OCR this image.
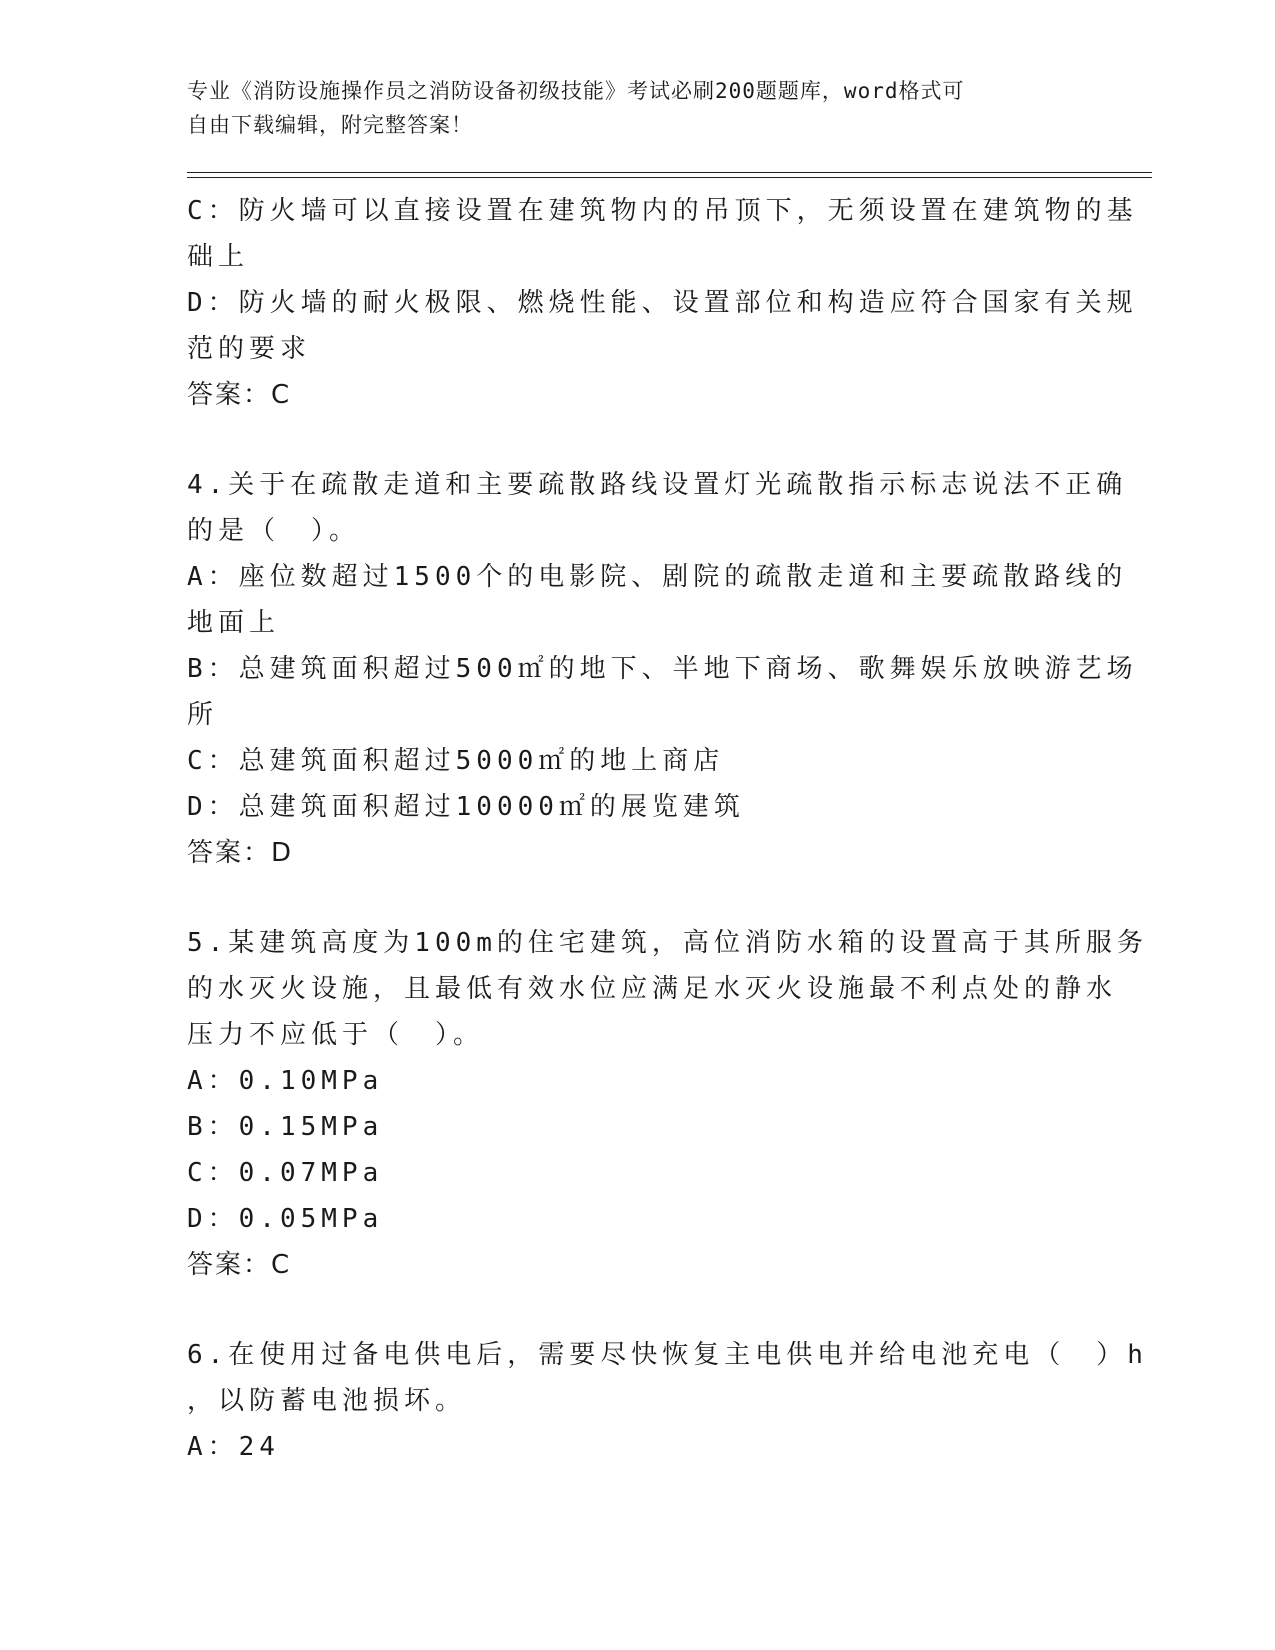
专业《消防设施操作员之消防设备初级技能》考试必刷200题题库，word格式可
自由下载编辑，附完整答案！
C：防火墙可以直接设置在建筑物内的吊顶下，无须设置在建筑物的基
础上
D：防火墙的耐火极限、燃烧性能、设置部位和构造应符合国家有关规
范的要求
答案：C
4.关于在疏散走道和主要疏散路线设置灯光疏散指示标志说法不正确
的是（　）。
A：座位数超过1500个的电影院、剧院的疏散走道和主要疏散路线的
地面上
B：总建筑面积超过500㎡的地下、半地下商场、歌舞娱乐放映游艺场
所
C：总建筑面积超过5000㎡的地上商店
D：总建筑面积超过10000㎡的展览建筑
答案：D
5.某建筑高度为100m的住宅建筑，高位消防水箱的设置高于其所服务
的水灭火设施，且最低有效水位应满足水灭火设施最不利点处的静水
压力不应低于（　）。
A：0.10MPa
B：0.15MPa
C：0.07MPa
D：0.05MPa
答案：C
6.在使用过备电供电后，需要尽快恢复主电供电并给电池充电（　）h
，以防蓄电池损坏。
A：24
